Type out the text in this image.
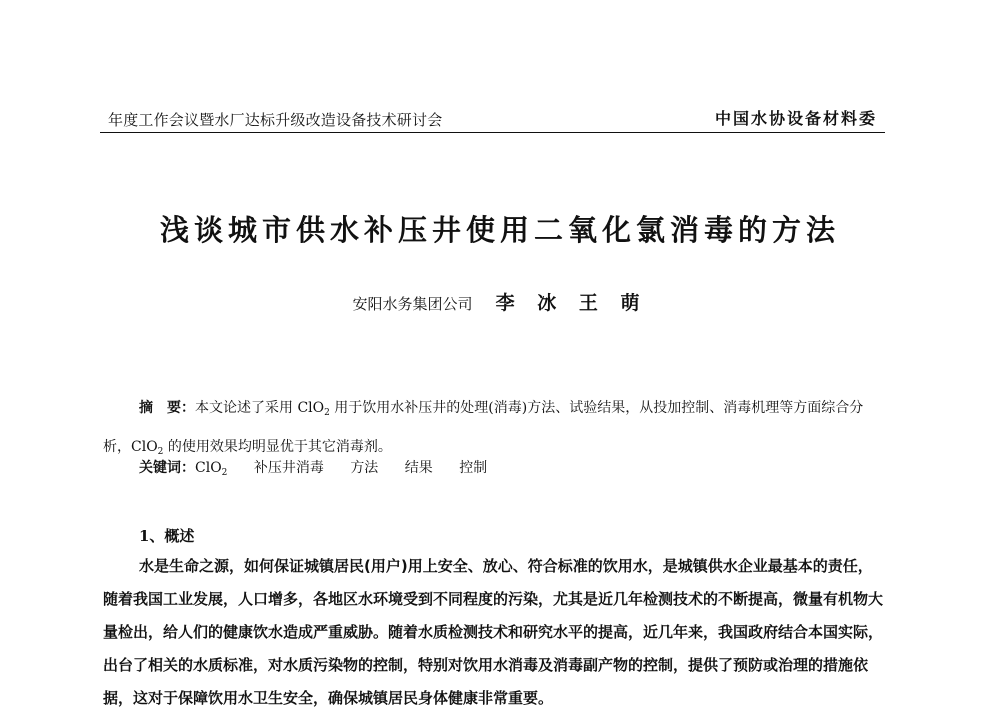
年度工作会议暨水厂达标升级改造设备技术研讨会	中国水协设备材料委
浅谈城市供水补压井使用二氧化氯消毒的方法
安阳水务集团公司 李 冰 王 萌
摘　要：本文论述了采用 ClO$_2$ 用于饮用水补压井的处理(消毒)方法、试验结果，从投加控制、消毒机理等方面综合分析，ClO$_2$ 的使用效果均明显优于其它消毒剂。
关键词：ClO$_2$ 补压井消毒 方法 结果 控制
1、概述
水是生命之源，如何保证城镇居民(用户)用上安全、放心、符合标准的饮用水，是城镇供水企业最基本的责任，随着我国工业发展，人口增多，各地区水环境受到不同程度的污染，尤其是近几年检测技术的不断提高，微量有机物大量检出，给人们的健康饮水造成严重威胁。随着水质检测技术和研究水平的提高，近几年来，我国政府结合本国实际，出台了相关的水质标准，对水质污染物的控制，特别对饮用水消毒及消毒副产物的控制，提供了预防或治理的措施依据，这对于保障饮用水卫生安全，确保城镇居民身体健康非常重要。
